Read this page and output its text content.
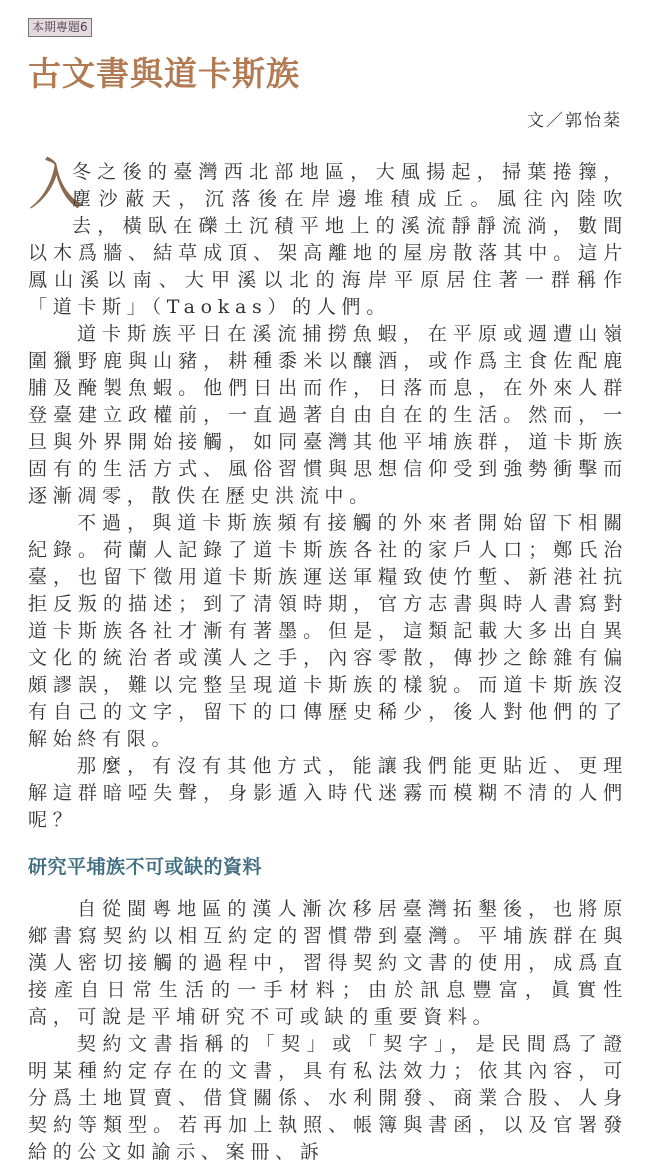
本期專題6
古文書與道卡斯族
文／郭怡棻

入
冬之後的臺灣西北部地區，大風揚起，掃葉捲籜，塵沙蔽天，沉落後在岸邊堆積成丘。風往內陸吹去，橫臥在礫土沉積平地上的溪流靜靜流淌，數間以木爲牆、結草成頂、架高離地的屋房散落其中。這片鳳山溪以南、大甲溪以北的海岸平原居住著一群稱作「道卡斯」（Taokas）的人們。

道卡斯族平日在溪流捕撈魚蝦，在平原或週遭山嶺圍獵野鹿與山豬，耕種黍米以釀酒，或作爲主食佐配鹿脯及醃製魚蝦。他們日出而作，日落而息，在外來人群登臺建立政權前，一直過著自由自在的生活。然而，一旦與外界開始接觸，如同臺灣其他平埔族群，道卡斯族固有的生活方式、風俗習慣與思想信仰受到強勢衝擊而逐漸凋零，散佚在歷史洪流中。

不過，與道卡斯族頻有接觸的外來者開始留下相關紀錄。荷蘭人記錄了道卡斯族各社的家戶人口；鄭氏治臺，也留下徵用道卡斯族運送軍糧致使竹塹、新港社抗拒反叛的描述；到了清領時期，官方志書與時人書寫對道卡斯族各社才漸有著墨。但是，這類記載大多出自異文化的統治者或漢人之手，內容零散，傳抄之餘雜有偏頗謬誤，難以完整呈現道卡斯族的樣貌。而道卡斯族沒有自己的文字，留下的口傳歷史稀少，後人對他們的了解始終有限。

那麼，有沒有其他方式，能讓我們能更貼近、更理解這群暗啞失聲，身影遁入時代迷霧而模糊不清的人們呢？

研究平埔族不可或缺的資料

自從閩粵地區的漢人漸次移居臺灣拓墾後，也將原鄉書寫契約以相互約定的習慣帶到臺灣。平埔族群在與漢人密切接觸的過程中，習得契約文書的使用，成爲直接產自日常生活的一手材料；由於訊息豐富，眞實性高，可說是平埔研究不可或缺的重要資料。

契約文書指稱的「契」或「契字」，是民間爲了證明某種約定存在的文書，具有私法效力；依其內容，可分爲土地買賣、借貸關係、水利開發、商業合股、人身契約等類型。若再加上執照、帳簿與書函，以及官署發給的公文如諭示、案冊、訴
